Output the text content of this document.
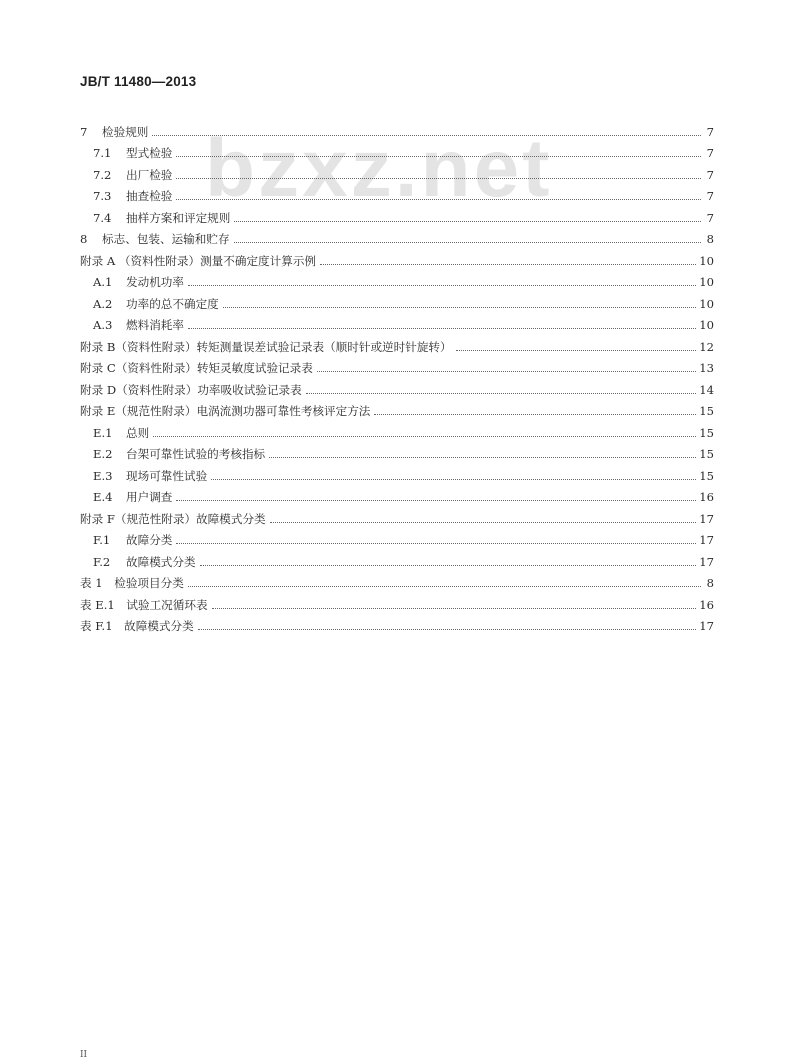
JB/T 11480—2013
bzxz.net
7 检验规则	7
7.1 型式检验	7
7.2 出厂检验	7
7.3 抽查检验	7
7.4 抽样方案和评定规则	7
8 标志、包装、运输和贮存	8
附录 A （资料性附录）测量不确定度计算示例	10
A.1 发动机功率	10
A.2 功率的总不确定度	10
A.3 燃料消耗率	10
附录 B（资料性附录）转矩测量误差试验记录表（顺时针或逆时针旋转）	12
附录 C（资料性附录）转矩灵敏度试验记录表	13
附录 D（资料性附录）功率吸收试验记录表	14
附录 E（规范性附录）电涡流测功器可靠性考核评定方法	15
E.1 总则	15
E.2 台架可靠性试验的考核指标	15
E.3 现场可靠性试验	15
E.4 用户调查	16
附录 F（规范性附录）故障模式分类	17
F.1 故障分类	17
F.2 故障模式分类	17
表 1　检验项目分类	8
表 E.1　试验工况循环表	16
表 F.1　故障模式分类	17
II
